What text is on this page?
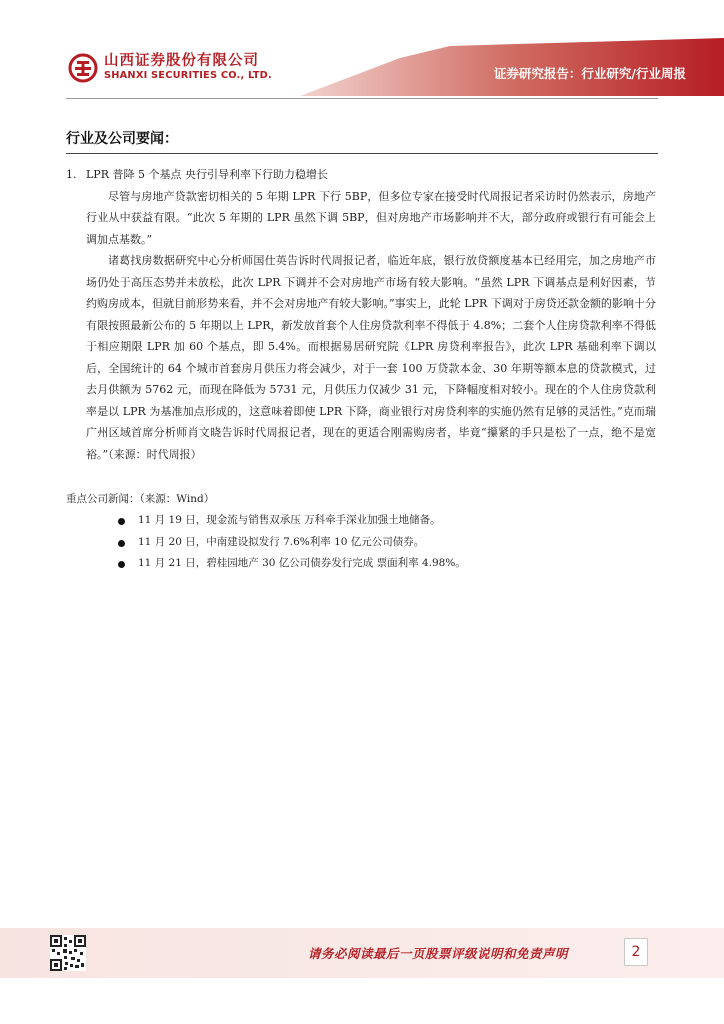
山西证券股份有限公司
SHANXI SECURITIES CO., LTD.	证券研究报告：行业研究/行业周报
行业及公司要闻：
1. LPR 普降 5 个基点 央行引导利率下行助力稳增长

尽管与房地产贷款密切相关的 5 年期 LPR 下行 5BP，但多位专家在接受时代周报记者采访时仍然表示，房地产行业从中获益有限。“此次 5 年期的 LPR 虽然下调 5BP，但对房地产市场影响并不大，部分政府或银行有可能会上调加点基数。”

诸葛找房数据研究中心分析师国仕英告诉时代周报记者，临近年底，银行放贷额度基本已经用完，加之房地产市场仍处于高压态势并未放松，此次 LPR 下调并不会对房地产市场有较大影响。“虽然 LPR 下调基点是利好因素，节约购房成本，但就目前形势来看，并不会对房地产有较大影响。”事实上，此轮 LPR 下调对于房贷还款金额的影响十分有限按照最新公布的 5 年期以上 LPR，新发放首套个人住房贷款利率不得低于 4.8%；二套个人住房贷款利率不得低于相应期限 LPR 加 60 个基点，即 5.4%。而根据易居研究院《LPR 房贷利率报告》，此次 LPR 基础利率下调以后，全国统计的 64 个城市首套房月供压力将会减少，对于一套 100 万贷款本金、30 年期等额本息的贷款模式，过去月供额为 5762 元，而现在降低为 5731 元，月供压力仅减少 31 元，下降幅度相对较小。现在的个人住房贷款利率是以 LPR 为基准加点形成的，这意味着即使 LPR 下降，商业银行对房贷利率的实施仍然有足够的灵活性。”克而瑞广州区域首席分析师肖文晓告诉时代周报记者，现在的更适合刚需购房者，毕竟“攥紧的手只是松了一点，绝不是宽裕。”（来源：时代周报）

重点公司新闻：（来源：Wind）
11 月 19 日，现金流与销售双承压 万科牵手深业加强土地储备。
11 月 20 日，中南建设拟发行 7.6%利率 10 亿元公司债券。
11 月 21 日，碧桂园地产 30 亿公司债券发行完成 票面利率 4.98%。
请务必阅读最后一页股票评级说明和免责声明	2
